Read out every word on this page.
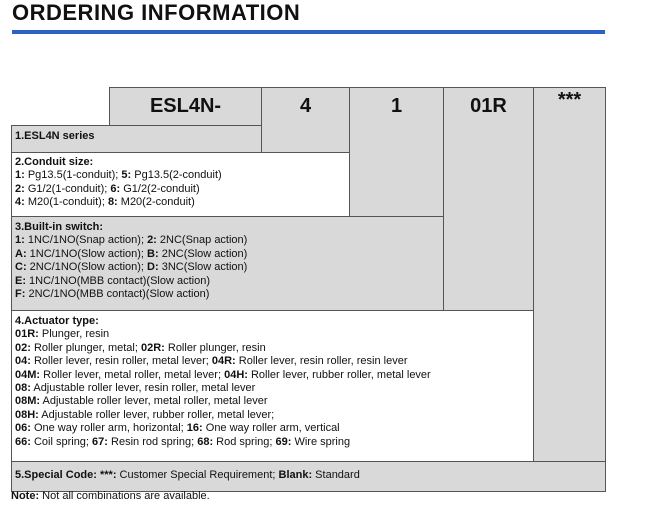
ORDERING INFORMATION
ESL4N-	4	1	01R	***
1.ESL4N series
2.Conduit size:
1: Pg13.5(1-conduit); 5: Pg13.5(2-conduit)
2: G1/2(1-conduit); 6: G1/2(2-conduit)
4: M20(1-conduit); 8: M20(2-conduit)
3.Built-in switch:
1: 1NC/1NO(Snap action); 2: 2NC(Snap action)
A: 1NC/1NO(Slow action); B: 2NC(Slow action)
C: 2NC/1NO(Slow action); D: 3NC(Slow action)
E: 1NC/1NO(MBB contact)(Slow action)
F: 2NC/1NO(MBB contact)(Slow action)
4.Actuator type:
01R: Plunger, resin
02: Roller plunger, metal; 02R: Roller plunger, resin
04: Roller lever, resin roller, metal lever; 04R: Roller lever, resin roller, resin lever
04M: Roller lever, metal roller, metal lever; 04H: Roller lever, rubber roller, metal lever
08: Adjustable roller lever, resin roller, metal lever
08M: Adjustable roller lever, metal roller, metal lever
08H: Adjustable roller lever, rubber roller, metal lever;
06: One way roller arm, horizontal; 16: One way roller arm, vertical
66: Coil spring; 67: Resin rod spring; 68: Rod spring; 69: Wire spring
5.Special Code: ***: Customer Special Requirement; Blank: Standard
Note: Not all combinations are available.
